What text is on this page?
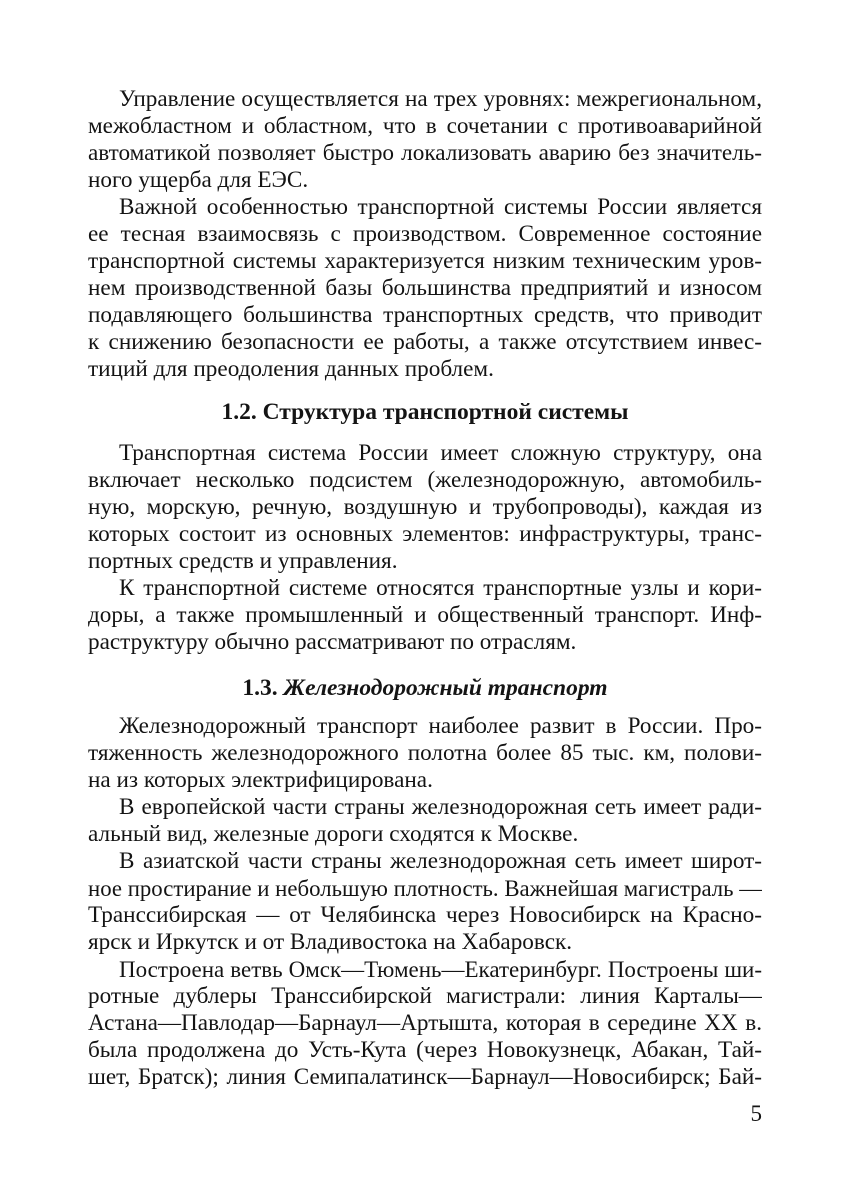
Управление осуществляется на трех уровнях: межрегиональном,
межобластном и областном, что в сочетании с противоаварийной
автоматикой позволяет быстро локализовать аварию без значитель-
ного ущерба для ЕЭС.
Важной особенностью транспортной системы России является
ее тесная взаимосвязь с производством. Современное состояние
транспортной системы характеризуется низким техническим уров-
нем производственной базы большинства предприятий и износом
подавляющего большинства транспортных средств, что приводит
к снижению безопасности ее работы, а также отсутствием инвес-
тиций для преодоления данных проблем.
1.2. Структура транспортной системы
Транспортная система России имеет сложную структуру, она
включает несколько подсистем (железнодорожную, автомобиль-
ную, морскую, речную, воздушную и трубопроводы), каждая из
которых состоит из основных элементов: инфраструктуры, транс-
портных средств и управления.
К транспортной системе относятся транспортные узлы и кори-
доры, а также промышленный и общественный транспорт. Инф-
раструктуру обычно рассматривают по отраслям.
1.3. Железнодорожный транспорт
Железнодорожный транспорт наиболее развит в России. Про-
тяженность железнодорожного полотна более 85 тыс. км, полови-
на из которых электрифицирована.
В европейской части страны железнодорожная сеть имеет ради-
альный вид, железные дороги сходятся к Москве.
В азиатской части страны железнодорожная сеть имеет широт-
ное простирание и небольшую плотность. Важнейшая магистраль —
Транссибирская — от Челябинска через Новосибирск на Красно-
ярск и Иркутск и от Владивостока на Хабаровск.
Построена ветвь Омск—Тюмень—Екатеринбург. Построены ши-
ротные дублеры Транссибирской магистрали: линия Карталы—
Астана—Павлодар—Барнаул—Артышта, которая в середине XX в.
была продолжена до Усть-Кута (через Новокузнецк, Абакан, Тай-
шет, Братск); линия Семипалатинск—Барнаул—Новосибирск; Бай-
5
